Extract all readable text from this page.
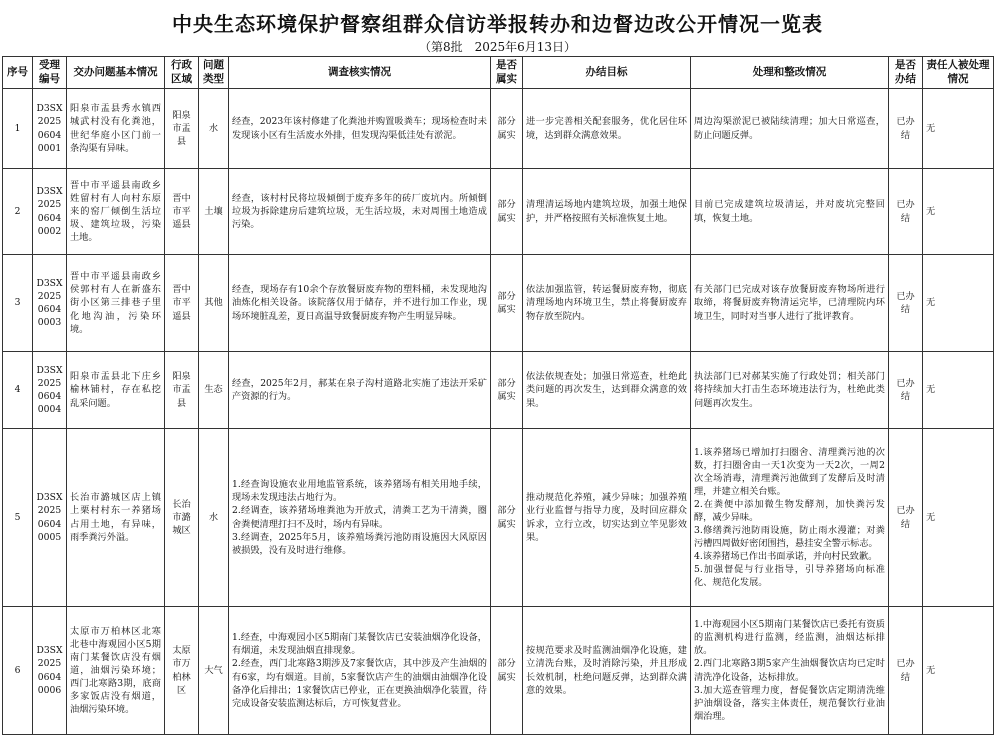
中央生态环境保护督察组群众信访举报转办和边督边改公开情况一览表
（第8批　2025年6月13日）
序号	受理编号	交办问题基本情况	行政区域	问题类型	调查核实情况	是否属实	办结目标	处理和整改情况	是否办结	责任人被处理情况
1	D3SX202506040001	阳泉市盂县秀水镇西城武村没有化粪池，世纪华庭小区门前一条沟渠有异味。	阳泉市盂县	水	经查，2023年该村修建了化粪池并购置吸粪车；现场检查时未发现该小区有生活废水外排，但发现沟渠低洼处有淤泥。	部分属实	进一步完善相关配套服务，优化居住环境，达到群众满意效果。	周边沟渠淤泥已被陆续清理；加大日常巡查，防止问题反弹。	已办结	无
2	D3SX202506040002	晋中市平遥县南政乡姓留村有人向村东原来的窑厂倾倒生活垃圾、建筑垃圾，污染土地。	晋中市平遥县	土壤	经查，该村村民将垃圾倾倒于废弃多年的砖厂废坑内。所倾倒垃圾为拆除建房后建筑垃圾，无生活垃圾，未对周围土地造成污染。	部分属实	清理清运场地内建筑垃圾，加强土地保护，并严格按照有关标准恢复土地。	目前已完成建筑垃圾清运，并对废坑完整回填，恢复土地。	已办结	无
3	D3SX202506040003	晋中市平遥县南政乡侯郭村有人在新盛东街小区第三排巷子里化地沟油，污染环境。	晋中市平遥县	其他	经查，现场存有10余个存放餐厨废弃物的塑料桶，未发现地沟油炼化相关设备。该院落仅用于储存，并不进行加工作业，现场环境脏乱差，夏日高温导致餐厨废弃物产生明显异味。	部分属实	依法加强监管，转运餐厨废弃物，彻底清理场地内环境卫生，禁止将餐厨废弃物存放至院内。	有关部门已完成对该存放餐厨废弃物场所进行取缔，将餐厨废弃物清运完毕，已清理院内环境卫生，同时对当事人进行了批评教育。	已办结	无
4	D3SX202506040004	阳泉市盂县北下庄乡榆林铺村，存在私挖乱采问题。	阳泉市盂县	生态	经查，2025年2月，郝某在泉子沟村道路北实施了违法开采矿产资源的行为。	部分属实	依法依规查处；加强日常巡查，杜绝此类问题的再次发生，达到群众满意的效果。	执法部门已对郝某实施了行政处罚；相关部门将持续加大打击生态环境违法行为，杜绝此类问题再次发生。	已办结	无
5	D3SX202506040005	长治市潞城区店上镇上栗村村东一养猪场占用土地，有异味，雨季粪污外溢。	长治市潞城区	水	1.经查询设施农业用地监管系统，该养猪场有相关用地手续，现场未发现违法占地行为。
2.经调查，该养猪场堆粪池为开放式，清粪工艺为干清粪，圈舍粪便清理打扫不及时，场内有异味。
3.经调查，2025年5月，该养殖场粪污池防雨设施因大风原因被损毁，没有及时进行维修。	部分属实	推动规范化养殖，减少异味；加强养殖业行业监督与指导力度，及时回应群众诉求，立行立改，切实达到立竿见影效果。	1.该养猪场已增加打扫圈舍、清理粪污池的次数，打扫圈舍由一天1次变为一天2次，一周2次全场消毒，清理粪污池做到了发酵后及时清理，并建立相关台账。
2.在粪便中添加微生物发酵剂，加快粪污发酵，减少异味。
3.修缮粪污池防雨设施，防止雨水漫灌；对粪污槽四周做好密闭围挡，悬挂安全警示标志。
4.该养猪场已作出书面承诺，并向村民致歉。
5.加强督促与行业指导，引导养猪场向标准化、规范化发展。	已办结	无
6	D3SX202506040006	太原市万柏林区北寒北巷中海观园小区5期南门某餐饮店没有烟道，油烟污染环境；西门北寒路3期，底商多家饭店没有烟道，油烟污染环境。	太原市万柏林区	大气	1.经查，中海观园小区5期南门某餐饮店已安装油烟净化设备，有烟道，未发现油烟直排现象。
2.经查，西门北寒路3期涉及7家餐饮店，其中涉及产生油烟的有6家，均有烟道。目前，5家餐饮店产生的油烟由油烟净化设备净化后排出；1家餐饮店已停业，正在更换油烟净化装置，待完成设备安装监测达标后，方可恢复营业。	部分属实	按规范要求及时监测油烟净化设施，建立清洗台账，及时消除污染，并且形成长效机制，杜绝问题反弹，达到群众满意的效果。	1.中海观园小区5期南门某餐饮店已委托有资质的监测机构进行监测，经监测，油烟达标排放。
2.西门北寒路3期5家产生油烟餐饮店均已定时清洗净化设备，达标排放。
3.加大巡查管理力度，督促餐饮店定期清洗维护油烟设备，落实主体责任，规范餐饮行业油烟治理。	已办结	无
